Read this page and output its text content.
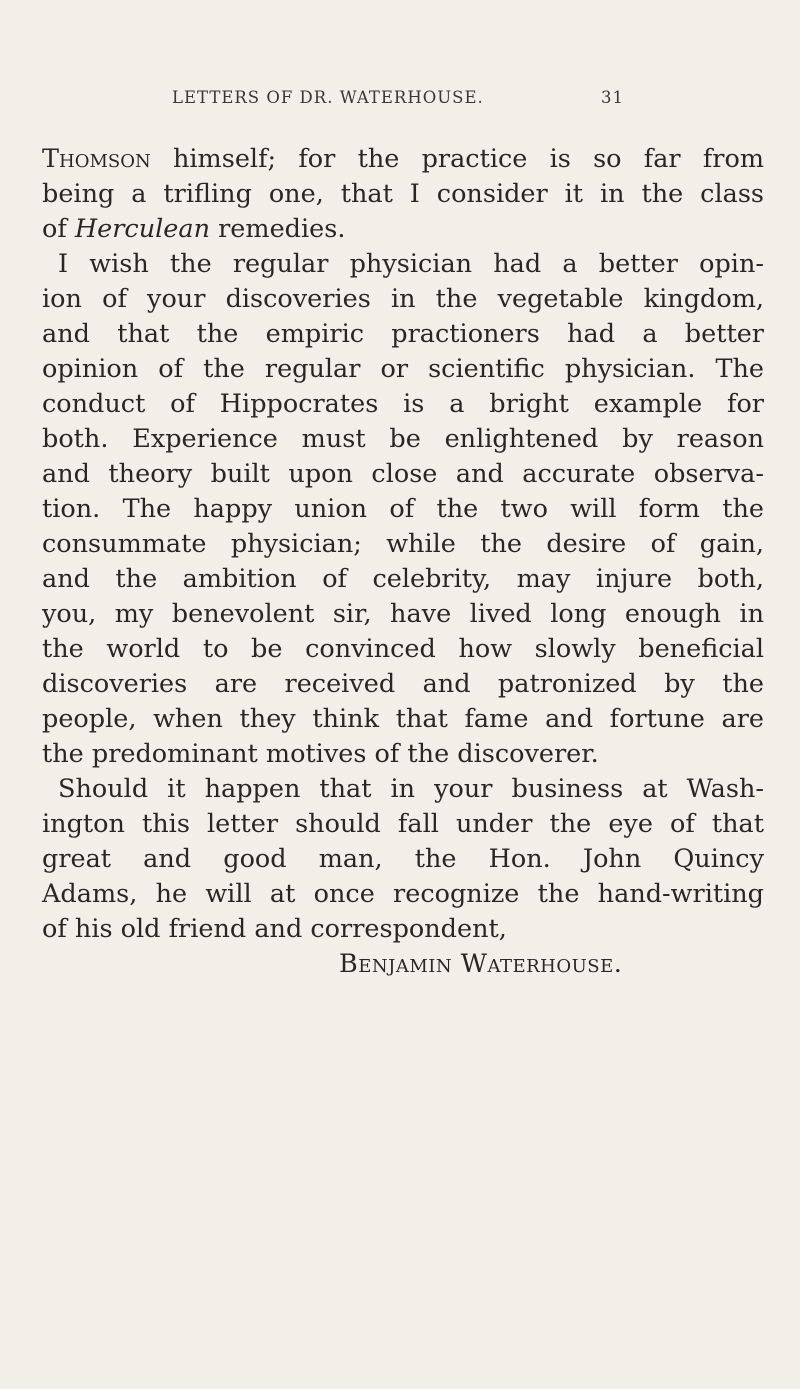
LETTERS OF DR. WATERHOUSE.	31
Thomson himself; for the practice is so far from
being a trifling one, that I consider it in the class
of Herculean remedies.
I wish the regular physician had a better opin-
ion of your discoveries in the vegetable kingdom,
and that the empiric practioners had a better
opinion of the regular or scientific physician. The
conduct of Hippocrates is a bright example for
both. Experience must be enlightened by reason
and theory built upon close and accurate observa-
tion. The happy union of the two will form the
consummate physician; while the desire of gain,
and the ambition of celebrity, may injure both,
you, my benevolent sir, have lived long enough in
the world to be convinced how slowly beneficial
discoveries are received and patronized by the
people, when they think that fame and fortune are
the predominant motives of the discoverer.
Should it happen that in your business at Wash-
ington this letter should fall under the eye of that
great and good man, the Hon. John Quincy
Adams, he will at once recognize the hand-writing
of his old friend and correspondent,
Benjamin Waterhouse.
